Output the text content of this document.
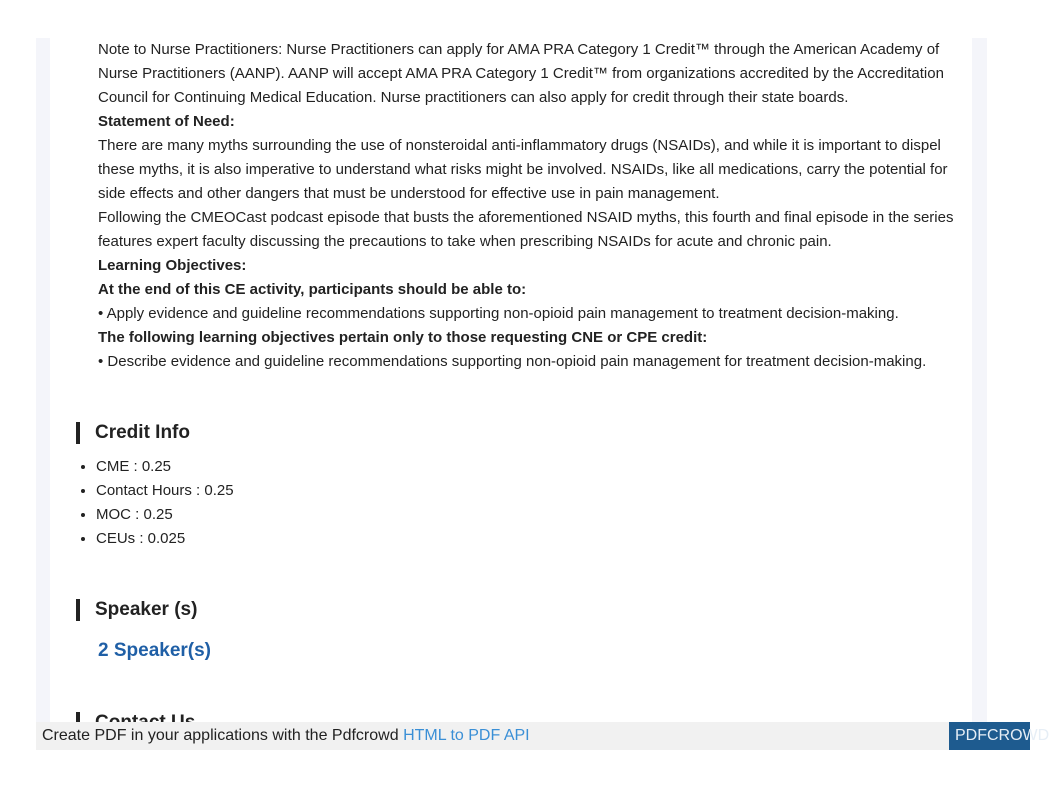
Note to Nurse Practitioners: Nurse Practitioners can apply for AMA PRA Category 1 Credit™ through the American Academy of Nurse Practitioners (AANP). AANP will accept AMA PRA Category 1 Credit™ from organizations accredited by the Accreditation Council for Continuing Medical Education. Nurse practitioners can also apply for credit through their state boards.

Statement of Need:

There are many myths surrounding the use of nonsteroidal anti-inflammatory drugs (NSAIDs), and while it is important to dispel these myths, it is also imperative to understand what risks might be involved. NSAIDs, like all medications, carry the potential for side effects and other dangers that must be understood for effective use in pain management.

Following the CMEOCast podcast episode that busts the aforementioned NSAID myths, this fourth and final episode in the series features expert faculty discussing the precautions to take when prescribing NSAIDs for acute and chronic pain.

Learning Objectives:

At the end of this CE activity, participants should be able to:

• Apply evidence and guideline recommendations supporting non-opioid pain management to treatment decision-making.

The following learning objectives pertain only to those requesting CNE or CPE credit:

• Describe evidence and guideline recommendations supporting non-opioid pain management for treatment decision-making.

Credit Info
• CME : 0.25
• Contact Hours : 0.25
• MOC : 0.25
• CEUs : 0.025
Speaker (s)
2 Speaker(s)
Create PDF in your applications with the Pdfcrowd HTML to PDF API	PDFCROWD
